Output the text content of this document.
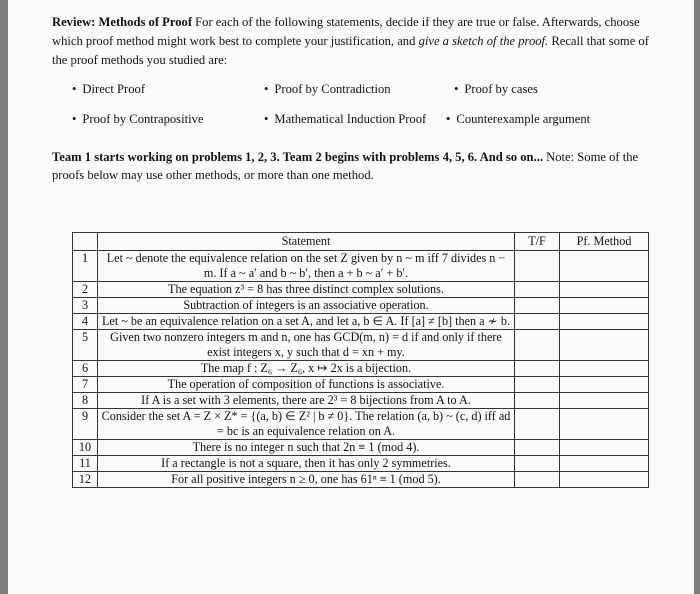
Review: Methods of Proof For each of the following statements, decide if they are true or false. Afterwards, choose which proof method might work best to complete your justification, and give a sketch of the proof. Recall that some of the proof methods you studied are:
• Direct Proof	• Proof by Contradiction	• Proof by cases
• Proof by Contrapositive	• Mathematical Induction Proof	• Counterexample argument
Team 1 starts working on problems 1, 2, 3. Team 2 begins with problems 4, 5, 6. And so on... Note: Some of the proofs below may use other methods, or more than one method.
	Statement	T/F	Pf. Method
1	Let ~ denote the equivalence relation on the set Z given by n ~ m iff 7 divides n − m. If a ~ a′ and b ~ b′, then a + b ~ a′ + b′.		
2	The equation z³ = 8 has three distinct complex solutions.		
3	Subtraction of integers is an associative operation.		
4	Let ~ be an equivalence relation on a set A, and let a, b ∈ A. If [a] ≠ [b] then a ≁ b.		
5	Given two nonzero integers m and n, one has GCD(m, n) = d if and only if there exist integers x, y such that d = xn + my.		
6	The map f : Z₆ → Z₆, x ↦ 2x is a bijection.		
7	The operation of composition of functions is associative.		
8	If A is a set with 3 elements, there are 2³ = 8 bijections from A to A.		
9	Consider the set A = Z × Z* = {(a, b) ∈ Z² | b ≠ 0}. The relation (a, b) ~ (c, d) iff ad = bc is an equivalence relation on A.		
10	There is no integer n such that 2n ≡ 1 (mod 4).		
11	If a rectangle is not a square, then it has only 2 symmetries.		
12	For all positive integers n ≥ 0, one has 61ⁿ ≡ 1 (mod 5).		
